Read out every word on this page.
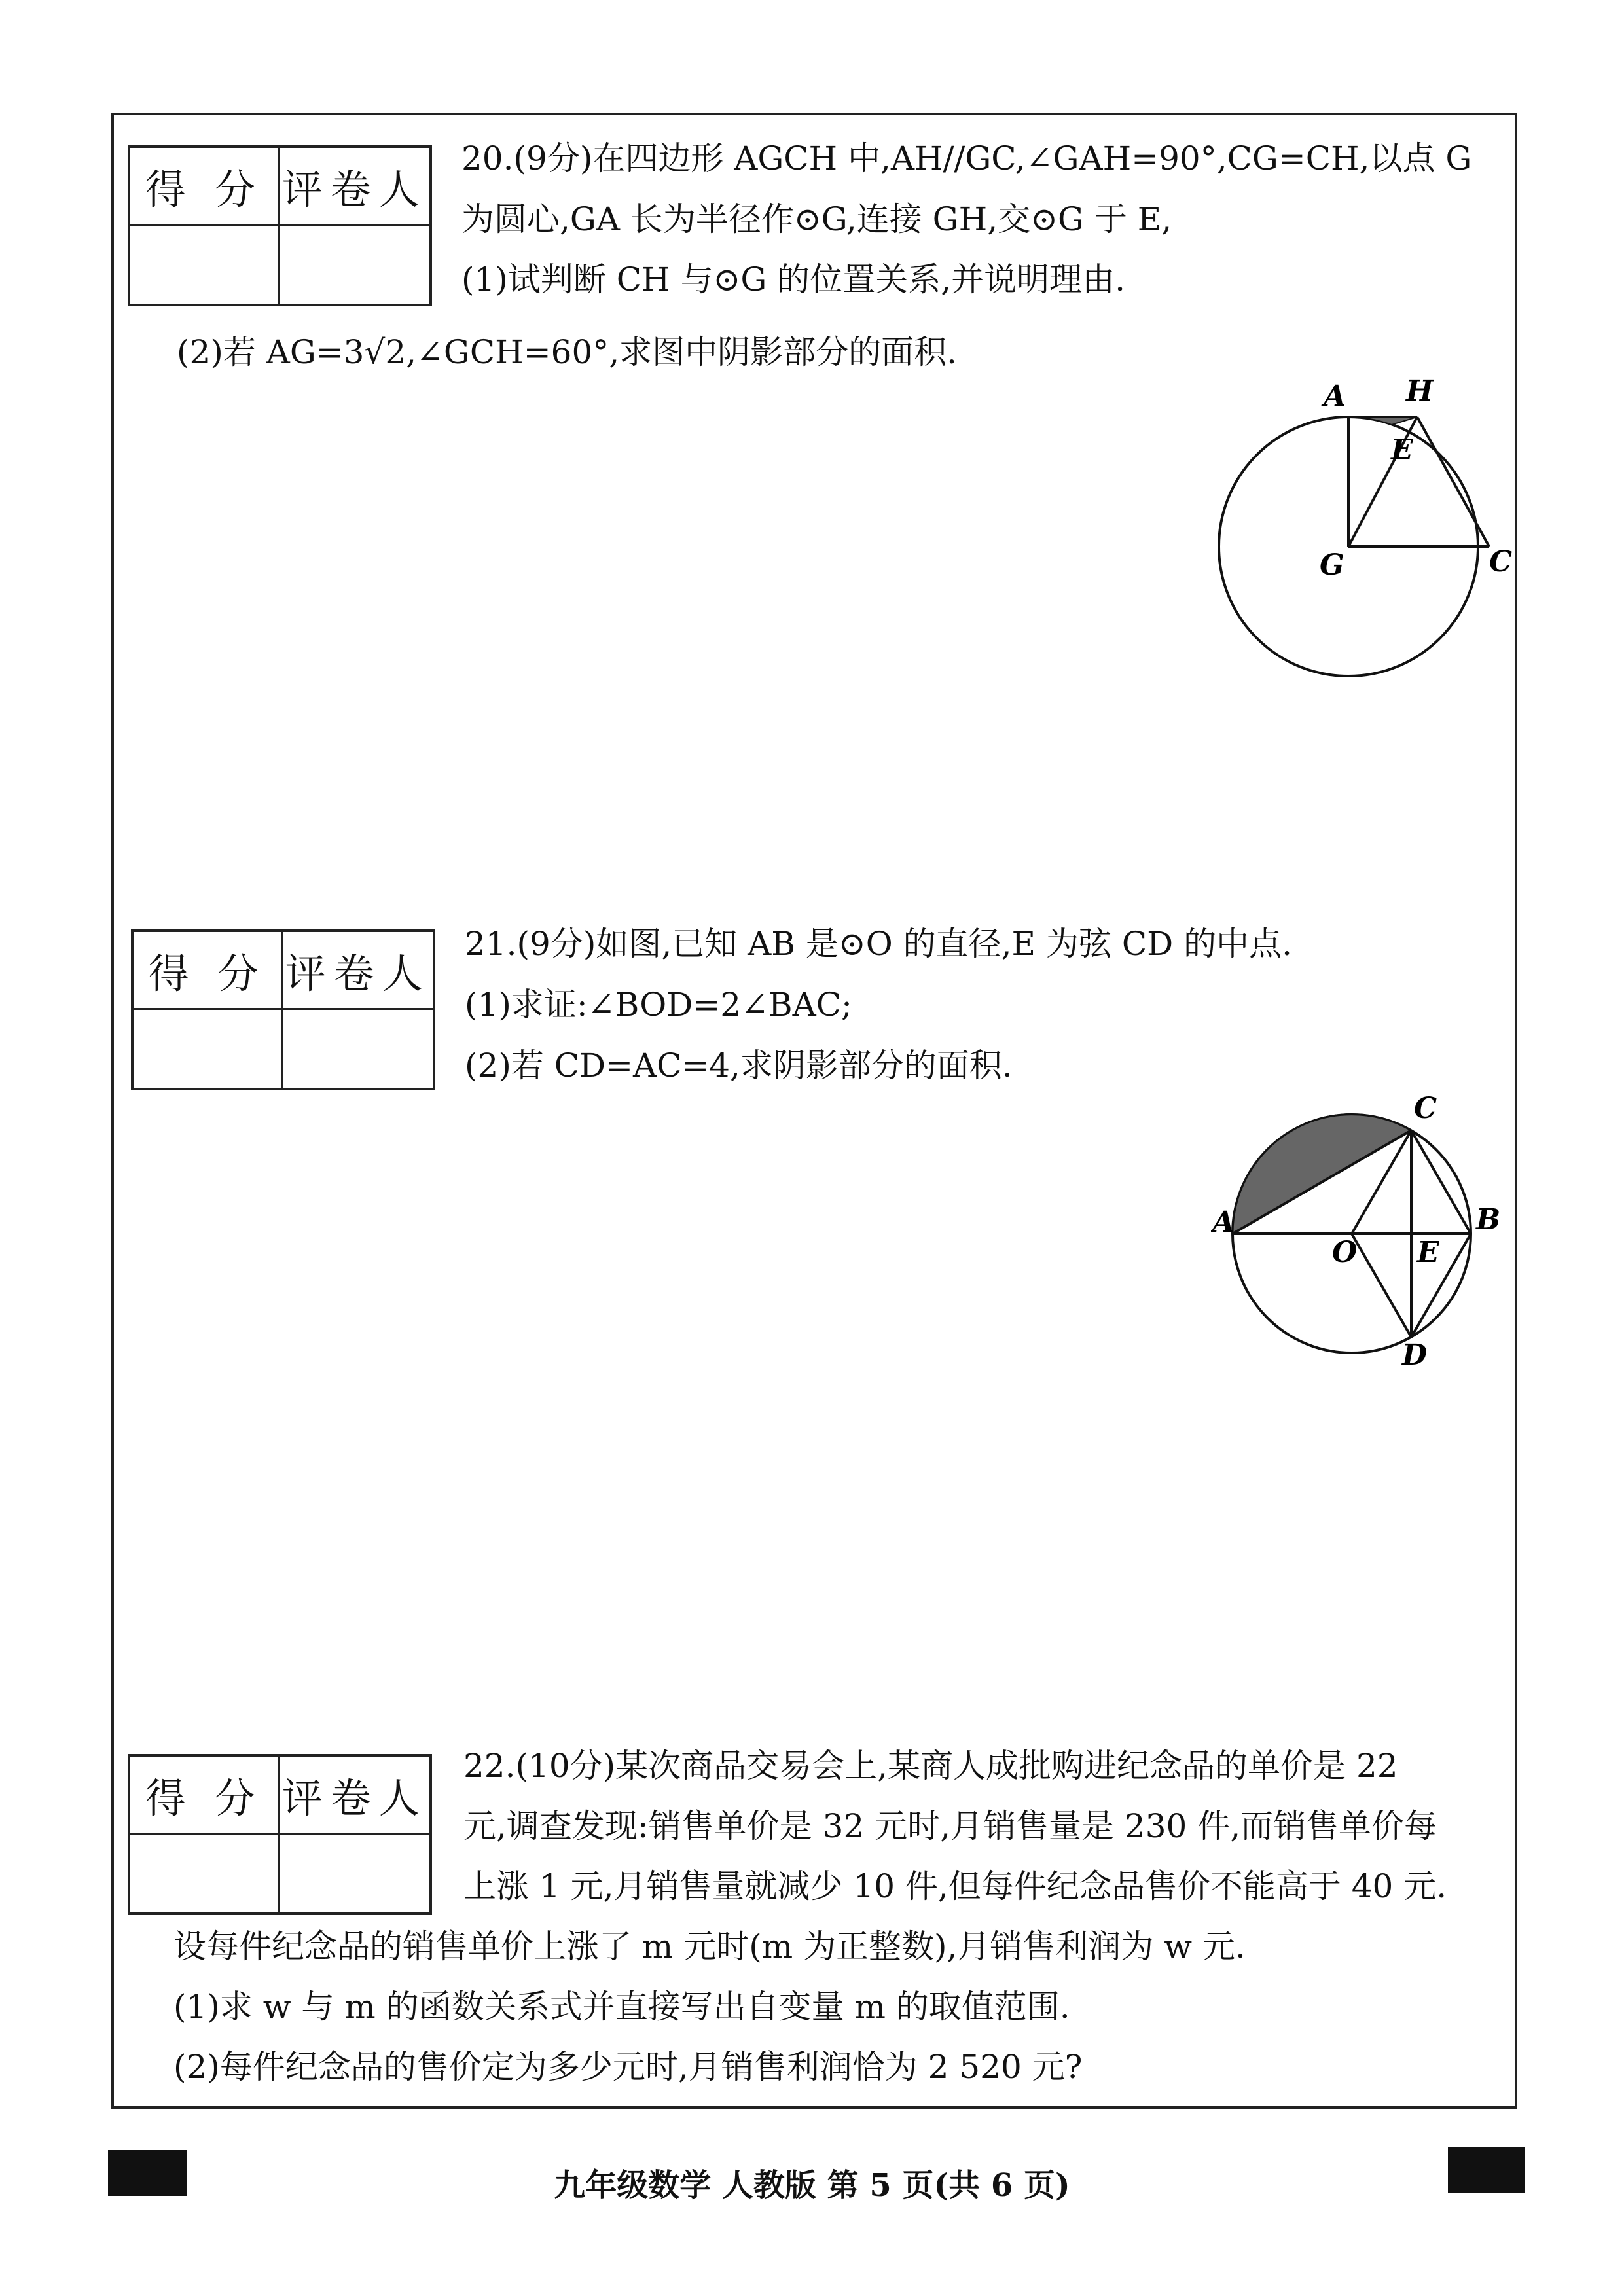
得 分 评卷人
20.(9分)在四边形 AGCH 中,AH//GC,∠GAH=90°,CG=CH,以点 G
为圆心,GA 长为半径作⊙G,连接 GH,交⊙G 于 E,
(1)试判断 CH 与⊙G 的位置关系,并说明理由.
(2)若 AG=3√2,∠GCH=60°,求图中阴影部分的面积.
A H
E
G	C
得 分 评卷人
21.(9分)如图,已知 AB 是⊙O 的直径,E 为弦 CD 的中点.
(1)求证:∠BOD=2∠BAC;
(2)若 CD=AC=4,求阴影部分的面积.
C
A	B
O E
D
得 分 评卷人
22.(10分)某次商品交易会上,某商人成批购进纪念品的单价是 22
元,调查发现:销售单价是 32 元时,月销售量是 230 件,而销售单价每
上涨 1 元,月销售量就减少 10 件,但每件纪念品售价不能高于 40 元.
设每件纪念品的销售单价上涨了 m 元时(m 为正整数),月销售利润为 w 元.
(1)求 w 与 m 的函数关系式并直接写出自变量 m 的取值范围.
(2)每件纪念品的售价定为多少元时,月销售利润恰为 2 520 元?
九年级数学 人教版 第 5 页(共 6 页)
